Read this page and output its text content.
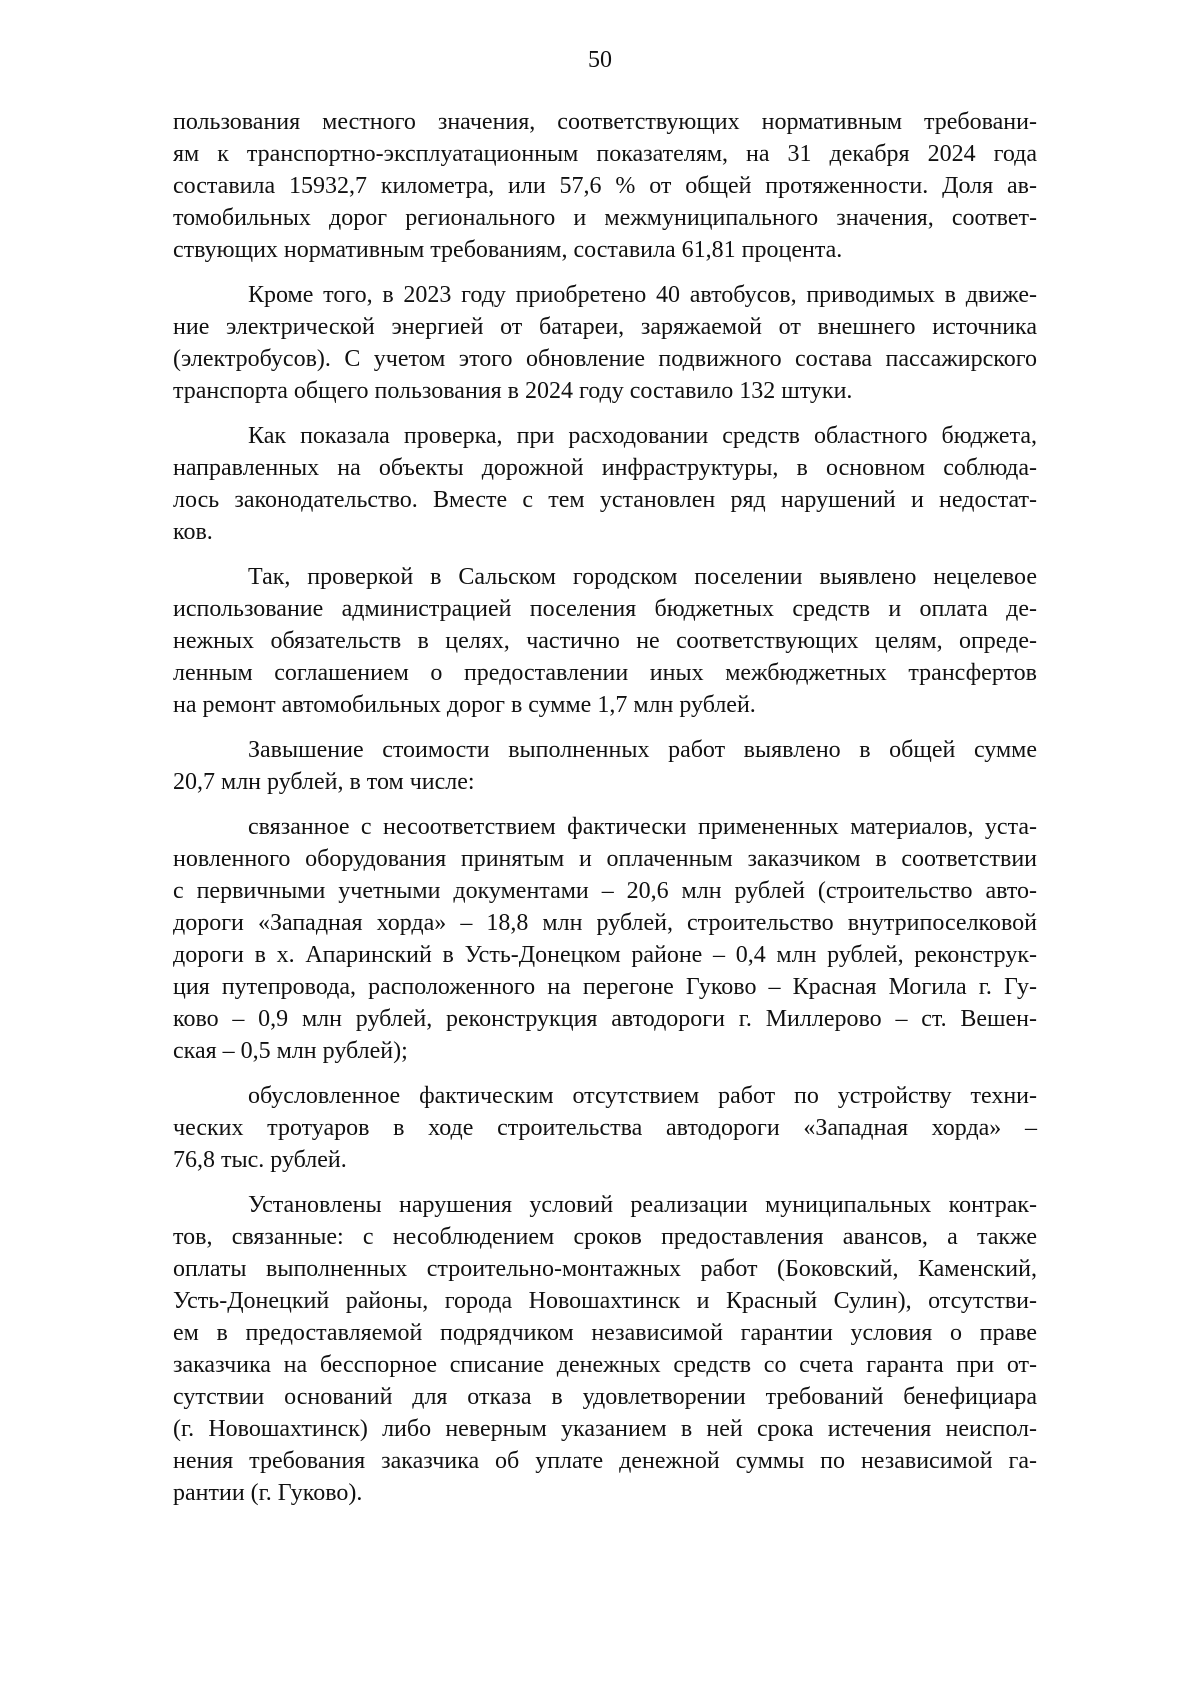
50
пользования местного значения, соответствующих нормативным требовани-
ям к транспортно-эксплуатационным показателям, на 31 декабря 2024 года
составила 15932,7 километра, или 57,6 % от общей протяженности. Доля ав-
томобильных дорог регионального и межмуниципального значения, соответ-
ствующих нормативным требованиям, составила 61,81 процента.
Кроме того, в 2023 году приобретено 40 автобусов, приводимых в движе-
ние электрической энергией от батареи, заряжаемой от внешнего источника
(электробусов). С учетом этого обновление подвижного состава пассажирского
транспорта общего пользования в 2024 году составило 132 штуки.
Как показала проверка, при расходовании средств областного бюджета,
направленных на объекты дорожной инфраструктуры, в основном соблюда-
лось законодательство. Вместе с тем установлен ряд нарушений и недостат-
ков.
Так, проверкой в Сальском городском поселении выявлено нецелевое
использование администрацией поселения бюджетных средств и оплата де-
нежных обязательств в целях, частично не соответствующих целям, опреде-
ленным соглашением о предоставлении иных межбюджетных трансфертов
на ремонт автомобильных дорог в сумме 1,7 млн рублей.
Завышение стоимости выполненных работ выявлено в общей сумме
20,7 млн рублей, в том числе:
связанное с несоответствием фактически примененных материалов, уста-
новленного оборудования принятым и оплаченным заказчиком в соответствии
с первичными учетными документами – 20,6 млн рублей (строительство авто-
дороги «Западная хорда» – 18,8 млн рублей, строительство внутрипоселковой
дороги в х. Апаринский в Усть-Донецком районе – 0,4 млн рублей, реконструк-
ция путепровода, расположенного на перегоне Гуково – Красная Могила г. Гу-
ково – 0,9 млн рублей, реконструкция автодороги г. Миллерово – ст. Вешен-
ская – 0,5 млн рублей);
обусловленное фактическим отсутствием работ по устройству техни-
ческих тротуаров в ходе строительства автодороги «Западная хорда» –
76,8 тыс. рублей.
Установлены нарушения условий реализации муниципальных контрак-
тов, связанные: с несоблюдением сроков предоставления авансов, а также
оплаты выполненных строительно-монтажных работ (Боковский, Каменский,
Усть-Донецкий районы, города Новошахтинск и Красный Сулин), отсутстви-
ем в предоставляемой подрядчиком независимой гарантии условия о праве
заказчика на бесспорное списание денежных средств со счета гаранта при от-
сутствии оснований для отказа в удовлетворении требований бенефициара
(г. Новошахтинск) либо неверным указанием в ней срока истечения неиспол-
нения требования заказчика об уплате денежной суммы по независимой га-
рантии (г. Гуково).
